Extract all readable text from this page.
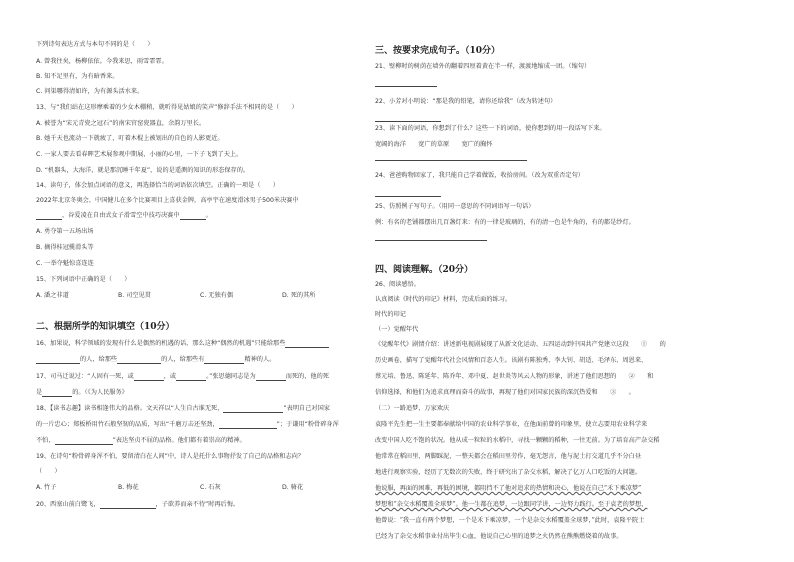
下列诗句表达方式与本句不同的是（　　）
A. 曾我往矣，杨柳依依。今我来思，雨雪霏霏。
B. 知不足里有，为有暗香来。
C. 问渠哪得清如许，为有源头活水来。
13、与“我们站在这形摩乘着的少女木棚稍，就听得见姑娘的笑声”修辞手法不相同的是（　　）
A. 被誉为“宋元青瓷之冠石”的南宋官窑瓷器直，余韵万里长。
B. 她千天也流动一下就疲了，叮着木棍上被划出的自色的人影更近。
C. 一家人要去看春晖艺术展参观中期展，小丽的心里，一下子飞到了天上。
D. “机器头，大海洋，就是那沉睡千年夏”，说的是遥测的知识的形态保存的。
14、读句子，体会加点词语的意义，再选择恰当的词语依次填空。正确的一项是（　　）
2022年北京冬奥会，中国健儿在多个比赛项目上喜获金牌，高亭宇在速度滑冰男子500米决赛中
，谷爱凌在自由式女子滑雪空中技巧决赛中	。
A. 勇夺第一五场出场
B. 摘得桂冠揽滑头等
C. 一举夺魁惊喜连连
15、下列词语中正确的是（　　）
A. 潘之非道	B. 司空见贯	C. 无独有偶	D. 死的其所
二、根据所学的知识填空（10分）
16、加果说，科学领域的发现有什么是偶然的机遇的话，那么这种“偶然的机遇”只能给那些
的人，给那些	的人，给那些有	精神的人。
17、司马迁说过：“人固有一死，或	，或	。”张思德同志是为	而死的，他的死
是	的。（《为人民服务》
18、【读书志趣】读书相逢伟大的品格。文天祥以“人生自古谁无死，	”表明自己对国家
的一片忠心；郑板桥用竹石般坚韧的品质，写出“千磨万击还坚劲，	”；于谦用“粉骨碎身浑
不怕，	”表达坚贞不屈的品格。他们都有着崇高的精神。
19、在诗句“粉骨碎身浑不怕，要留清白在人间”中，诗人是托什么事物抒发了自己的品格和志向？
（　　）
A. 竹子	B. 梅花	C. 石灰	D. 骑花
20、西塞山前白鹭飞，	，子欲养而亲不待”时再后悔。
三、按要求完成句子。（10分）
21、壁柳时的树荫在墙外的翻着四厘着黄在半一样，渡渡地缩成一团。（缩句）
22、小芳对小明说：“那是我的铅笔，请你还给我”（改为转述句）
23、读下面的词语，你想到了什么？这些一下的词语，使你想到的用一段话写下来。
宽阔的海洋　　宽广的草原　　宽广的胸怀
24、爸爸购物回家了，我只能自己学着做饭，收拾房间。（改为双重否定句）
25、仿照例子写句子。（用同一意思的不同词语写一句话）
例：有名的老铺都摆出几百盏灯来：有的一律是玻璃的，有的清一色是牛角的，有的都是纱灯。
四、阅读理解。（20分）
26、阅读感悟。
认真阅读《时代的印记》材料，完成后面的练习。
时代的印记
（一）觉醒年代
《觉醒年代》剧情介绍：讲述新电视剧展现了从新文化运动、五四运动到中国共产党建立这段　　①　　的
历史画卷，描写了觉醒年代社会风情和百态人生。该剧有陈独秀、李大钊、胡适、毛泽东、周恩来、
蔡元培、鲁迅、陈延年、陈乔年、邓中夏、赵世炎等风云人物的形象，讲述了他们思想的　　②　　和
信仰选择，和他们为追求真理而奋斗的故事，再现了他们对国家民族的深沉热爱和　　③　　。
（二）一路追梦，万家欢庆
袁隆平先生把一生主要都奉献给中国的农业科学事业，在他面前曾的印象里，使立志要用农业科学来
改变中国人吃不饱的状况。他从成一粒粒的水稻中，寻找一颗颗的稻种，一往无前。为了培育高产杂交稻
他常常在稻田里，两脚踩泥，一整天都会在稻田里劳作，毫无怨言，他与泥土打交道几乎不分白昼
地进行观察实验，经历了无数次的失败，终于研究出了杂交水稻，解决了亿万人口吃饭的大问题。
他说服，再面的困难，再低的困境，都阻挡不了他对追求的热情和决心，他说在自己“禾下乘凉梦”
梦想和“杂交水稻覆盖全球梦”。他一生都在追梦，一边跟同学讲，一边努力践行。至于袁老的梦想，
他曾说：“我一直有两个梦想，一个是禾下乘凉梦，一个是杂交水稻覆盖全球梦，”此时，袁隆平院士
已经为了杂交水稻事业付出毕生心血，他说自己心里的追梦之火仍然在熊熊燃烧着的故事。
